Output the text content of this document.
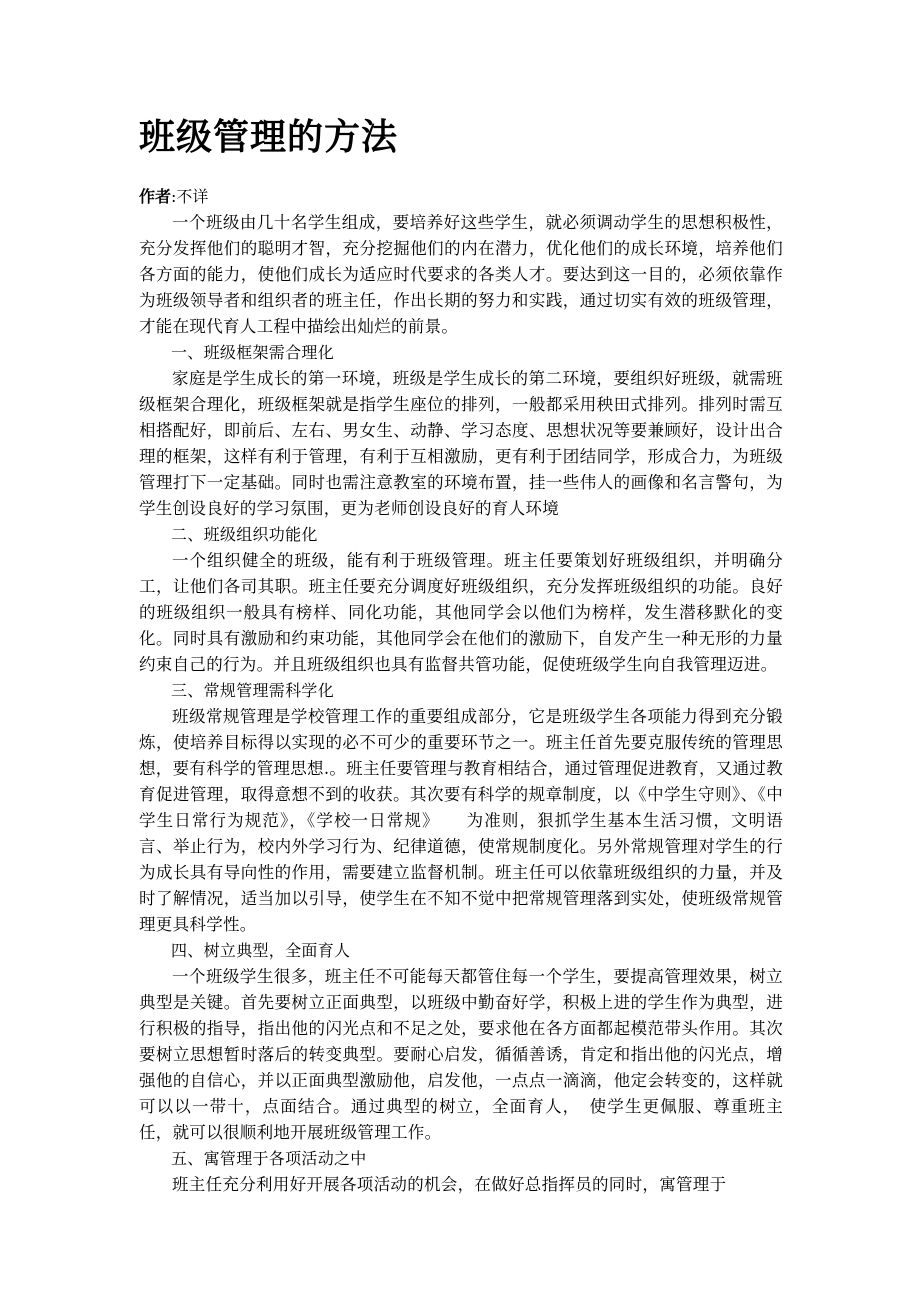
班级管理的方法
作者:不详

一个班级由几十名学生组成，要培养好这些学生，就必须调动学生的思想积极性，充分发挥他们的聪明才智，充分挖掘他们的内在潜力，优化他们的成长环境，培养他们各方面的能力，使他们成长为适应时代要求的各类人才。要达到这一目的，必须依靠作为班级领导者和组织者的班主任，作出长期的努力和实践，通过切实有效的班级管理，才能在现代育人工程中描绘出灿烂的前景。

一、班级框架需合理化

家庭是学生成长的第一环境，班级是学生成长的第二环境，要组织好班级，就需班级框架合理化，班级框架就是指学生座位的排列，一般都采用秧田式排列。排列时需互相搭配好，即前后、左右、男女生、动静、学习态度、思想状况等要兼顾好，设计出合理的框架，这样有利于管理，有利于互相激励，更有利于团结同学，形成合力，为班级管理打下一定基础。同时也需注意教室的环境布置，挂一些伟人的画像和名言警句，为学生创设良好的学习氛围，更为老师创设良好的育人环境

二、班级组织功能化

一个组织健全的班级，能有利于班级管理。班主任要策划好班级组织，并明确分工，让他们各司其职。班主任要充分调度好班级组织，充分发挥班级组织的功能。良好的班级组织一般具有榜样、同化功能，其他同学会以他们为榜样，发生潜移默化的变化。同时具有激励和约束功能，其他同学会在他们的激励下，自发产生一种无形的力量约束自己的行为。并且班级组织也具有监督共管功能，促使班级学生向自我管理迈进。

三、常规管理需科学化

班级常规管理是学校管理工作的重要组成部分，它是班级学生各项能力得到充分锻炼，使培养目标得以实现的必不可少的重要环节之一。班主任首先要克服传统的管理思想，要有科学的管理思想.。班主任要管理与教育相结合，通过管理促进教育，又通过教育促进管理，取得意想不到的收获。其次要有科学的规章制度，以《中学生守则》、《中学生日常行为规范》，《学校一日常规》　　为准则，狠抓学生基本生活习惯，文明语言、举止行为，校内外学习行为、纪律道德，使常规制度化。另外常规管理对学生的行为成长具有导向性的作用，需要建立监督机制。班主任可以依靠班级组织的力量，并及时了解情况，适当加以引导，使学生在不知不觉中把常规管理落到实处，使班级常规管理更具科学性。

四、树立典型，全面育人

一个班级学生很多，班主任不可能每天都管住每一个学生，要提高管理效果，树立典型是关键。首先要树立正面典型，以班级中勤奋好学，积极上进的学生作为典型，进行积极的指导，指出他的闪光点和不足之处，要求他在各方面都起模范带头作用。其次要树立思想暂时落后的转变典型。要耐心启发，循循善诱，肯定和指出他的闪光点，增强他的自信心，并以正面典型激励他，启发他，一点点一滴滴，他定会转变的，这样就可以以一带十，点面结合。通过典型的树立，全面育人，　使学生更佩服、尊重班主任，就可以很顺利地开展班级管理工作。

五、寓管理于各项活动之中

班主任充分利用好开展各项活动的机会，在做好总指挥员的同时，寓管理于
